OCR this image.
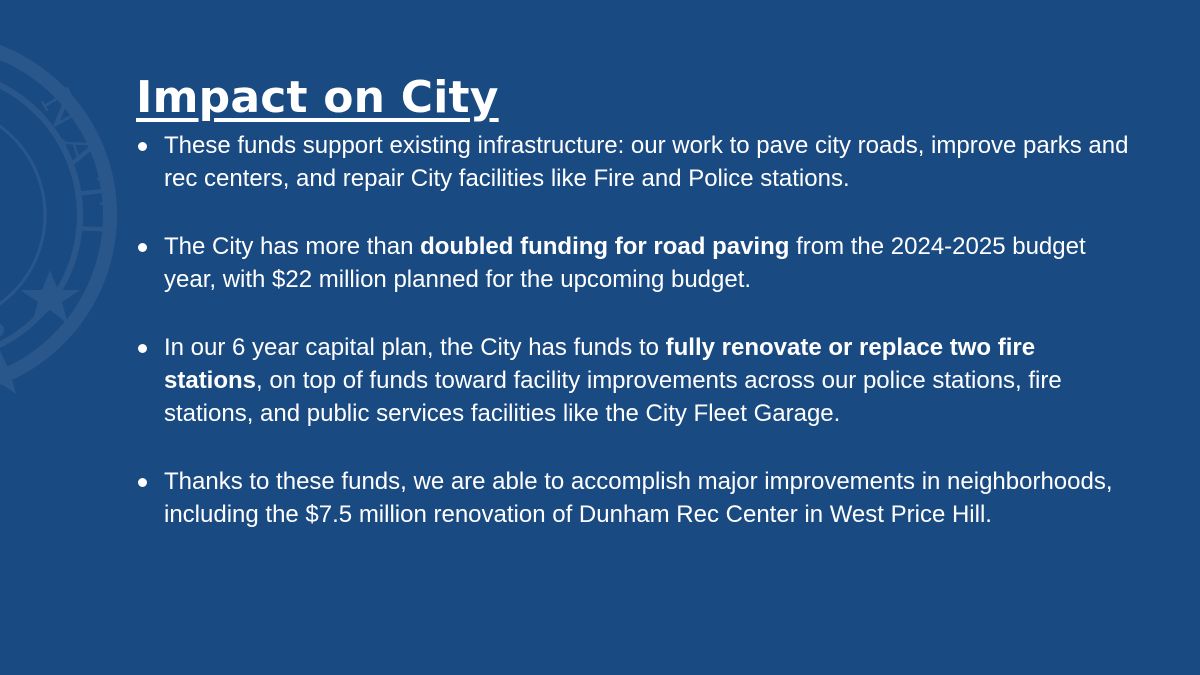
N
A
T
I
Impact on City
These funds support existing infrastructure: our work to pave city roads, improve parks and rec centers, and repair City facilities like Fire and Police stations.
The City has more than doubled funding for road paving from the 2024-2025 budget year, with $22 million planned for the upcoming budget.
In our 6 year capital plan, the City has funds to fully renovate or replace two fire stations, on top of funds toward facility improvements across our police stations, fire stations, and public services facilities like the City Fleet Garage.
Thanks to these funds, we are able to accomplish major improvements in neighborhoods, including the $7.5 million renovation of Dunham Rec Center in West Price Hill.
